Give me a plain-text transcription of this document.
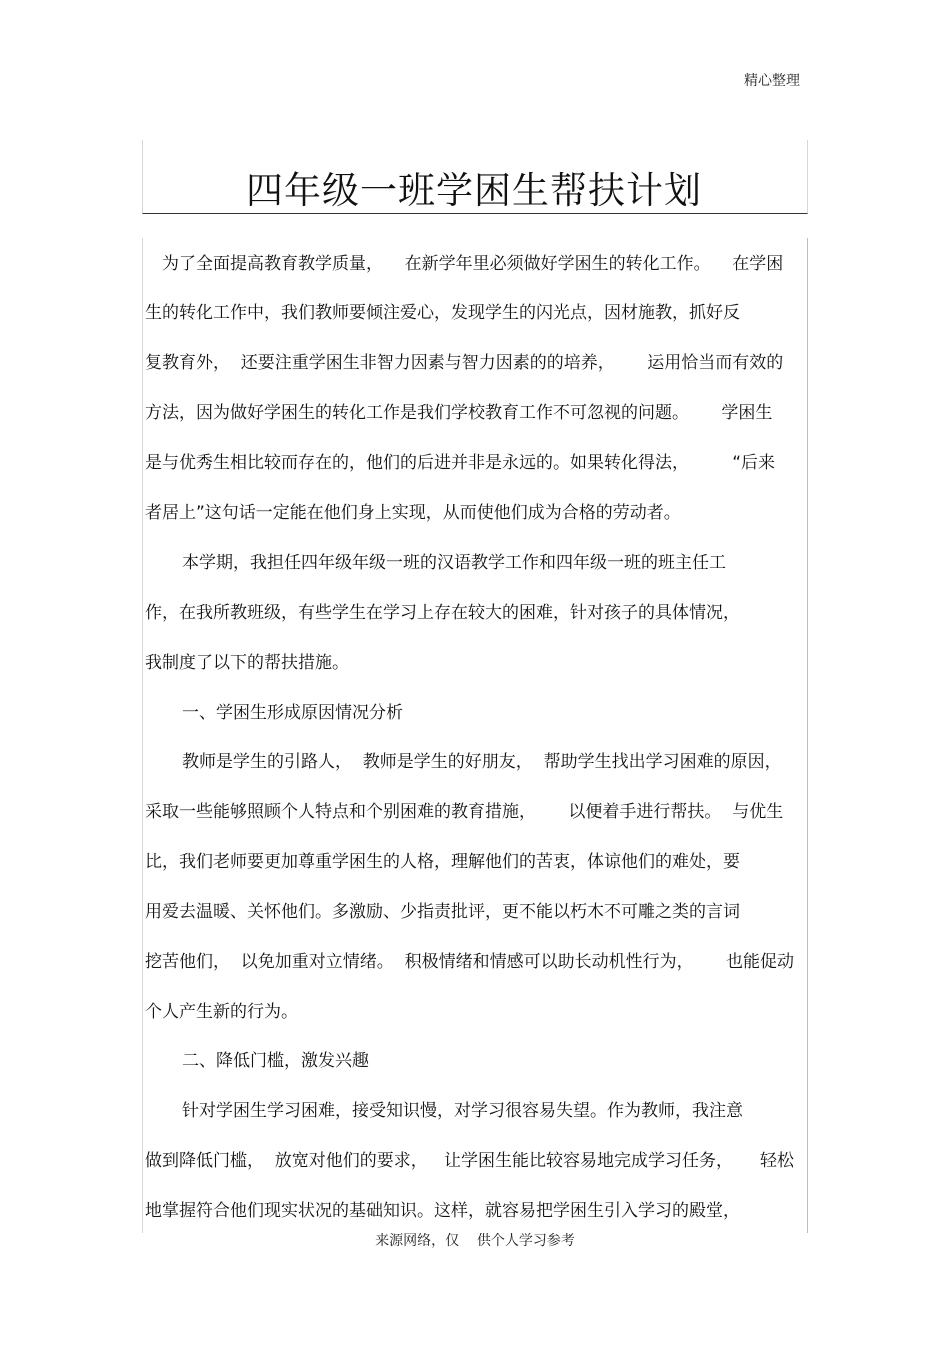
精心整理
四年级一班学困生帮扶计划

为了全面提高教育教学质量，    在新学年里必须做好学困生的转化工作。    在学困

生的转化工作中，我们教师要倾注爱心，发现学生的闪光点，因材施教，抓好反

复教育外，  还要注重学困生非智力因素与智力因素的的培养，      运用恰当而有效的

方法，因为做好学困生的转化工作是我们学校教育工作不可忽视的问题。      学困生

是与优秀生相比较而存在的，他们的后进并非是永远的。如果转化得法，        “后来

者居上”这句话一定能在他们身上实现，从而使他们成为合格的劳动者。

本学期，我担任四年级年级一班的汉语教学工作和四年级一班的班主任工

作，在我所教班级，有些学生在学习上存在较大的困难，针对孩子的具体情况，

我制度了以下的帮扶措施。

一、学困生形成原因情况分析

教师是学生的引路人，  教师是学生的好朋友，  帮助学生找出学习困难的原因，

采取一些能够照顾个人特点和个别困难的教育措施，      以便着手进行帮扶。  与优生

比，我们老师要更加尊重学困生的人格，理解他们的苦衷，体谅他们的难处，要

用爱去温暖、关怀他们。多激励、少指责批评，更不能以朽木不可雕之类的言词

挖苦他们，  以免加重对立情绪。  积极情绪和情感可以助长动机性行为，      也能促动

个人产生新的行为。

二、降低门槛，激发兴趣

针对学困生学习困难，接受知识慢，对学习很容易失望。作为教师，我注意

做到降低门槛，  放宽对他们的要求，   让学困生能比较容易地完成学习任务，     轻松

地掌握符合他们现实状况的基础知识。这样，就容易把学困生引入学习的殿堂，

来源网络，仅    供个人学习参考
